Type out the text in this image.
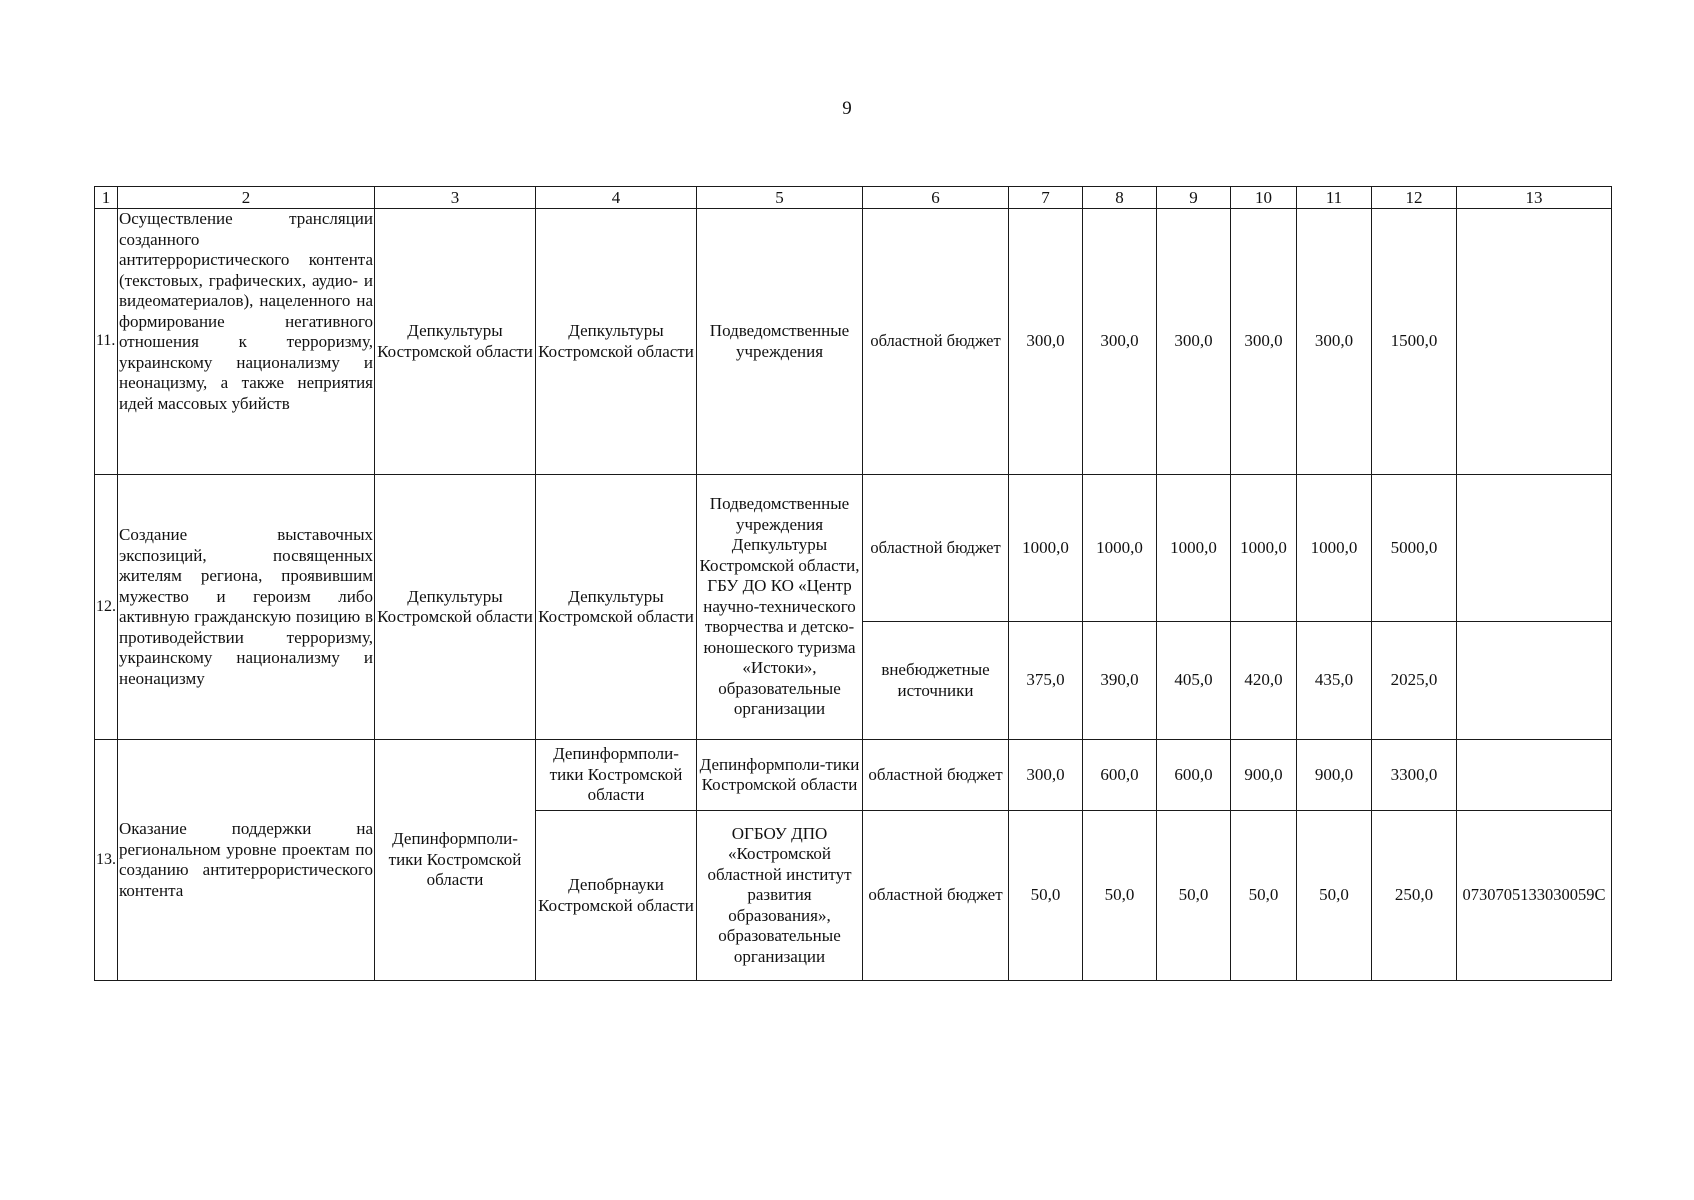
9
1	2	3	4	5	6	7	8	9	10	11	12	13
11.	Осуществление трансляции созданного антитеррористического контента (текстовых, графических, аудио- и видеоматериалов), нацеленного на формирование негативного отношения к терроризму, украинскому национализму и неонацизму, а также неприятия идей массовых убийств	Депкультуры Костромской области	Депкультуры Костромской области	Подведомственные учреждения	областной бюджет	300,0	300,0	300,0	300,0	300,0	1500,0	
12.	Создание выставочных экспозиций, посвященных жителям региона, проявившим мужество и героизм либо активную гражданскую позицию в противодействии терроризму, украинскому национализму и неонацизму	Депкультуры Костромской области	Депкультуры Костромской области	Подведомственные учреждения Депкультуры Костромской области, ГБУ ДО КО «Центр научно-технического творчества и детско-юношеского туризма «Истоки», образовательные организации	областной бюджет	1000,0	1000,0	1000,0	1000,0	1000,0	5000,0	
					внебюджетные источники	375,0	390,0	405,0	420,0	435,0	2025,0	
13.	Оказание поддержки на региональном уровне проектам по созданию антитеррористического контента	Депинформполи-тики Костромской области	Депинформполи-тики Костромской области	Депинформполи-тики Костромской области	областной бюджет	300,0	600,0	600,0	900,0	900,0	3300,0	
			Депобрнауки Костромской области	ОГБОУ ДПО «Костромской областной институт развития образования», образовательные организации	областной бюджет	50,0	50,0	50,0	50,0	50,0	250,0	0730705133030059С
